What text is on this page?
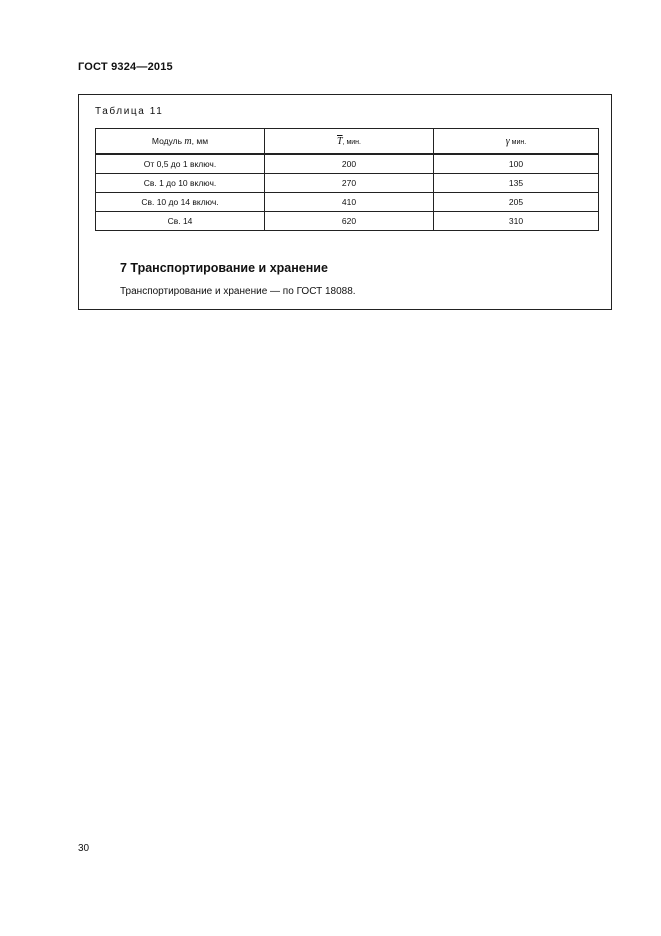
ГОСТ 9324—2015
Таблица 11
Модуль m, мм	$\overline{T}$, мин.	γ мин.
От 0,5 до 1 включ.	200	100
Св. 1 до 10 включ.	270	135
Св. 10 до 14 включ.	410	205
Св. 14	620	310
7 Транспортирование и хранение
Транспортирование и хранение — по ГОСТ 18088.
30
